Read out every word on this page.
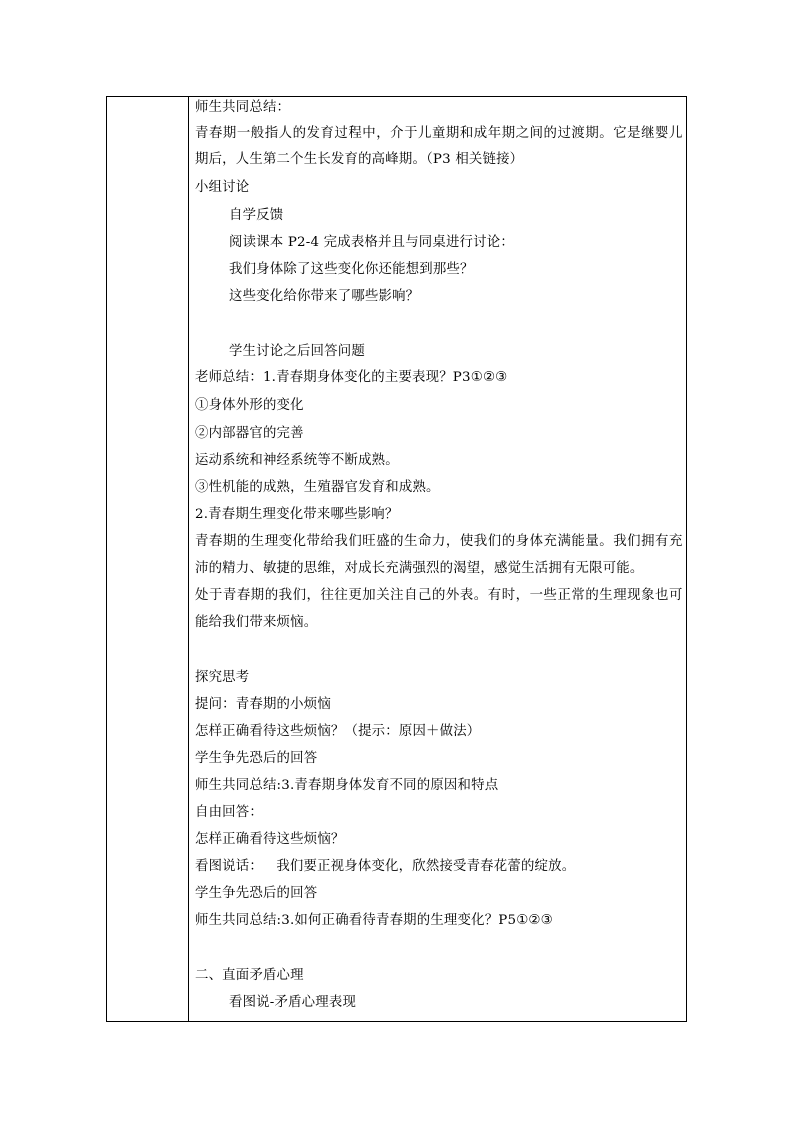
师生共同总结：
青春期一般指人的发育过程中，介于儿童期和成年期之间的过渡期。它是继婴儿
期后，人生第二个生长发育的高峰期。（P3 相关链接）
小组讨论
自学反馈
阅读课本 P2-4 完成表格并且与同桌进行讨论：
我们身体除了这些变化你还能想到那些？
这些变化给你带来了哪些影响？
学生讨论之后回答问题
老师总结：1.青春期身体变化的主要表现？P3①②③
①身体外形的变化
②内部器官的完善
运动系统和神经系统等不断成熟。
③性机能的成熟，生殖器官发育和成熟。
2.青春期生理变化带来哪些影响？
青春期的生理变化带给我们旺盛的生命力，使我们的身体充满能量。我们拥有充
沛的精力、敏捷的思维，对成长充满强烈的渴望，感觉生活拥有无限可能。
处于青春期的我们，往往更加关注自己的外表。有时，一些正常的生理现象也可
能给我们带来烦恼。
探究思考
提问：青春期的小烦恼
怎样正确看待这些烦恼？（提示：原因＋做法）
学生争先恐后的回答
师生共同总结:3.青春期身体发育不同的原因和特点
自由回答：
怎样正确看待这些烦恼？
看图说话：   我们要正视身体变化，欣然接受青春花蕾的绽放。
学生争先恐后的回答
师生共同总结:3.如何正确看待青春期的生理变化？P5①②③
二、直面矛盾心理
看图说-矛盾心理表现
